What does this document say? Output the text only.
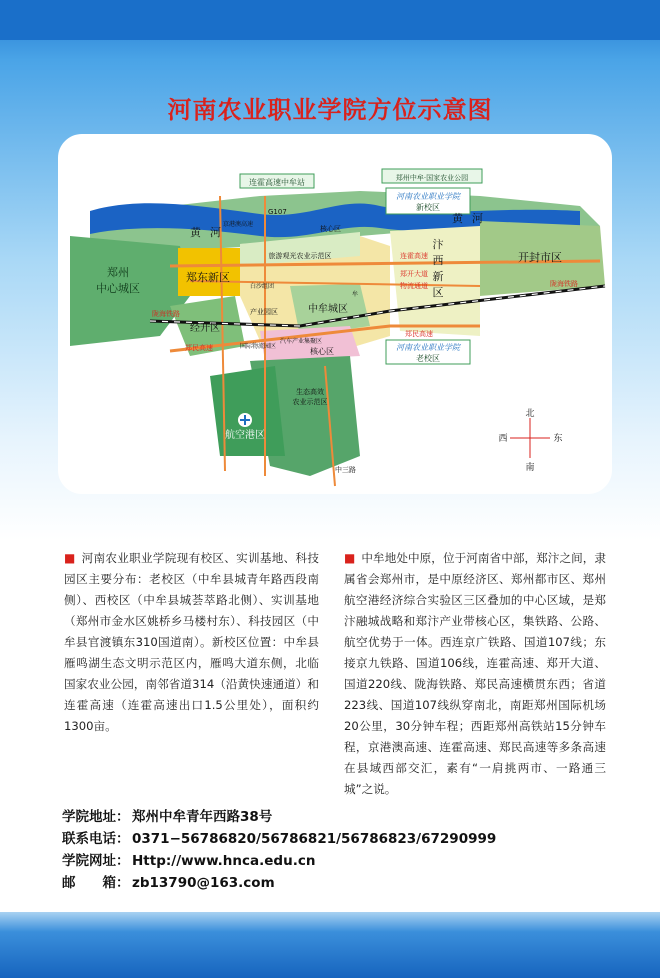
河南农业职业学院方位示意图
连霍高速中牟站	郑州中牟·国家农业公园
河南农业职业学院
新校区
河南农业职业学院
老校区
黄 河
黄 河
郑州
中心城区
郑东新区
经开区
航空港区
中牟城区
开封市区
汴
西
新
区
旅游观光农业示范区
白沙组团
产业园区
国际物流园区
汽车产业集聚区
核心区
核心区
生态高效
农业示范区
连霍高速
郑开大道
物流通道
郑民高速
郑民高速
陇海铁路
陇海铁路
G107
京港澳高速
中三路
牟
北
南
东
西
■ 河南农业职业学院现有校区、实训基地、科技园区主要分布：老校区（中牟县城青年路西段南侧）、西校区（中牟县城荟萃路北侧）、实训基地（郑州市金水区姚桥乡马楼村东）、科技园区（中牟县官渡镇东310国道南）。新校区位置：中牟县雁鸣湖生态文明示范区内，雁鸣大道东侧，北临国家农业公园，南邻省道314（沿黄快速通道）和连霍高速（连霍高速出口1.5公里处），面积约1300亩。
■ 中牟地处中原，位于河南省中部，郑汴之间，隶属省会郑州市，是中原经济区、郑州都市区、郑州航空港经济综合实验区三区叠加的中心区域，是郑汴融城战略和郑汴产业带核心区，集铁路、公路、航空优势于一体。西连京广铁路、国道107线；东接京九铁路、国道106线，连霍高速、郑开大道、国道220线、陇海铁路、郑民高速横贯东西；省道223线、国道107线纵穿南北，南距郑州国际机场20公里，30分钟车程；西距郑州高铁站15分钟车程，京港澳高速、连霍高速、郑民高速等多条高速在县域西部交汇，素有“一肩挑两市、一路通三城”之说。
学院地址： 郑州中牟青年西路38号
联系电话： 0371−56786820/56786821/56786823/67290999
学院网址： Http://www.hnca.edu.cn
邮　　箱： zb13790@163.com
